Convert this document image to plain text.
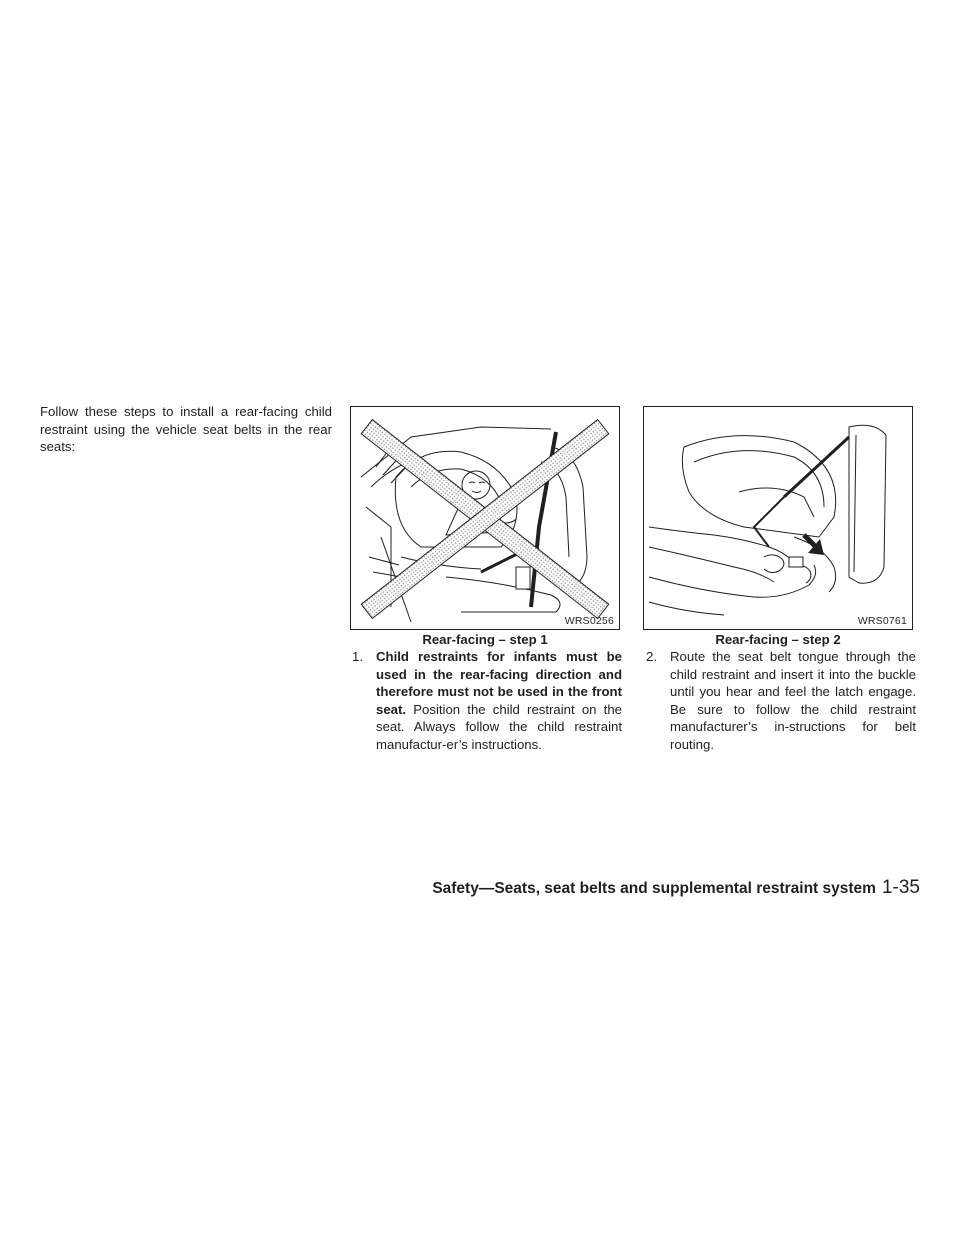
Follow these steps to install a rear-facing child restraint using the vehicle seat belts in the rear seats:

WRS0256
Rear-facing – step 1
WRS0761
Rear-facing – step 2

1. Child restraints for infants must be used in the rear-facing direction and therefore must not be used in the front seat. Position the child restraint on the seat. Always follow the child restraint manufactur-er’s instructions.

2. Route the seat belt tongue through the child restraint and insert it into the buckle until you hear and feel the latch engage. Be sure to follow the child restraint manufacturer’s in-structions for belt routing.

Safety—Seats, seat belts and supplemental restraint system 1-35
